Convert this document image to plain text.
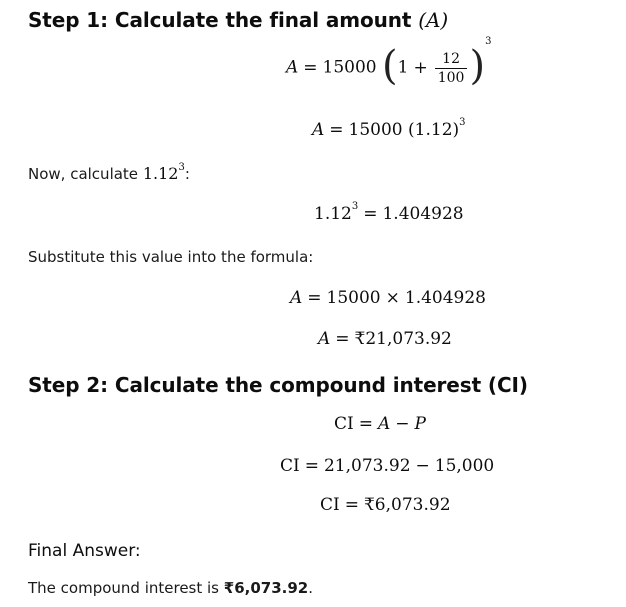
Step 1: Calculate the final amount (A)
A = 15000 $(1 + \frac{12}{100} )^3$
A = 15000 $(1.12)^3$
Now, calculate 1.12$^3$:
$1.12^3 = 1.404928$
Substitute this value into the formula:
A = 15000 × 1.404928
A = ₹21,073.92
Step 2: Calculate the compound interest (CI)
CI = A − P
CI = 21,073.92 − 15,000
CI = ₹6,073.92
Final Answer:
The compound interest is ₹6,073.92.
